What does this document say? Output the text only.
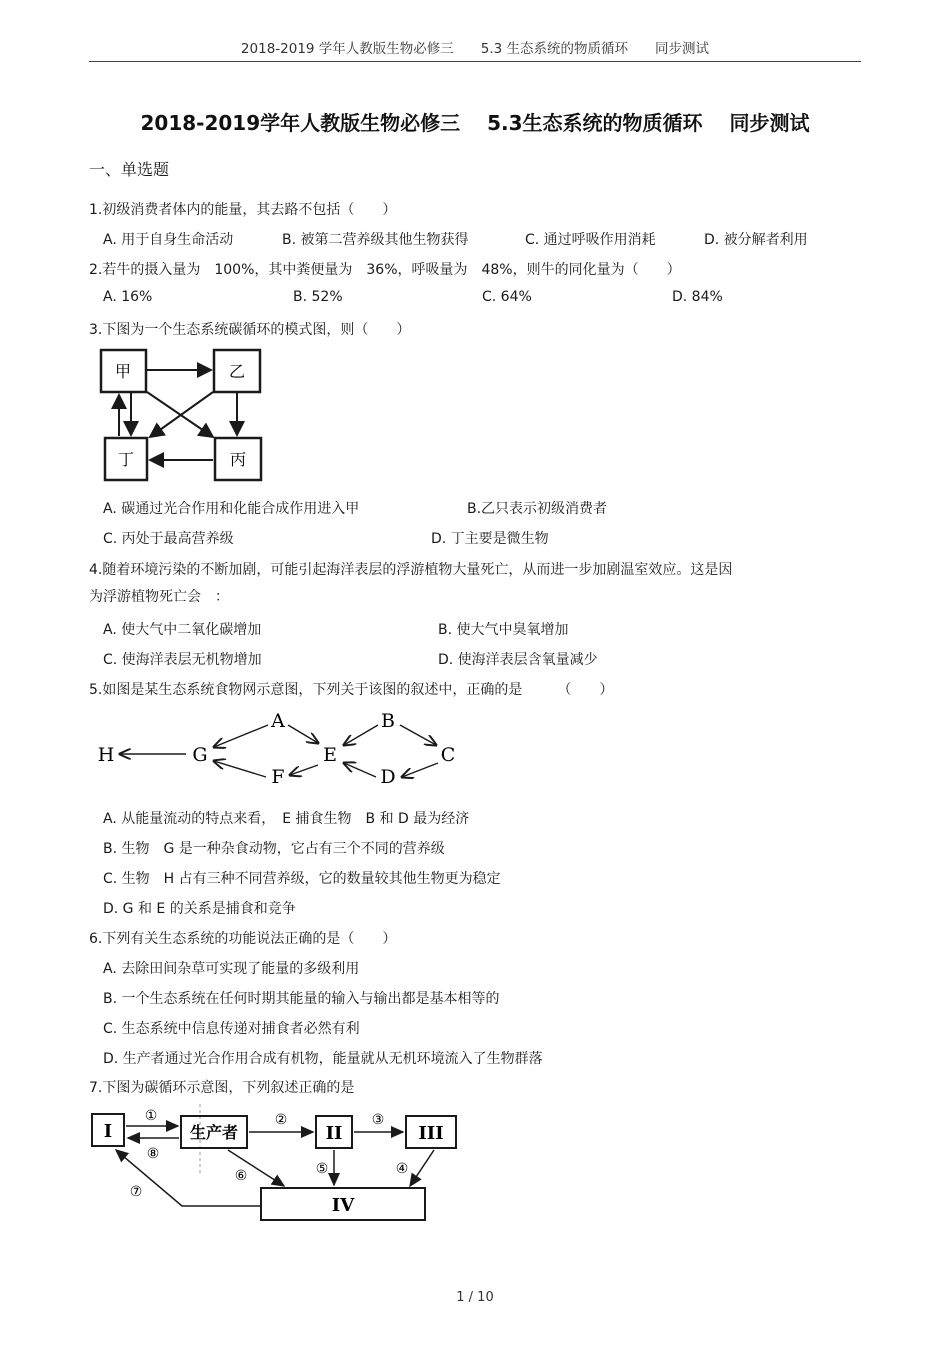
2018-2019 学年人教版生物必修三　　5.3 生态系统的物质循环　　同步测试
2018-2019学年人教版生物必修三　 5.3生态系统的物质循环　 同步测试
一、单选题
1.初级消费者体内的能量，其去路不包括（　　）
A. 用于自身生命活动	B. 被第二营养级其他生物获得	C. 通过呼吸作用消耗	D. 被分解者利用
2.若牛的摄入量为　100%，其中粪便量为　36%，呼吸量为　48%，则牛的同化量为（　　）
A. 16%	B. 52%	C. 64%	D. 84%
3.下图为一个生态系统碳循环的模式图，则（　　）
甲	乙
丁	丙
A. 碳通过光合作用和化能合成作用进入甲	B.乙只表示初级消费者
C. 丙处于最高营养级	D. 丁主要是微生物
4.随着环境污染的不断加剧，可能引起海洋表层的浮游植物大量死亡，从而进一步加剧温室效应。这是因
为浮游植物死亡会　：
A. 使大气中二氧化碳增加	B. 使大气中臭氧增加
C. 使海洋表层无机物增加	D. 使海洋表层含氧量减少
5.如图是某生态系统食物网示意图，下列关于该图的叙述中，正确的是　　　（　　）
H	G
A
E
F
B
C
D
A. 从能量流动的特点来看，　E 捕食生物　B 和 D 最为经济
B. 生物　G 是一种杂食动物，它占有三个不同的营养级
C. 生物　H 占有三种不同营养级，它的数量较其他生物更为稳定
D. G 和 E 的关系是捕食和竞争
6.下列有关生态系统的功能说法正确的是（　　）
A. 去除田间杂草可实现了能量的多级利用
B. 一个生态系统在任何时期其能量的输入与输出都是基本相等的
C. 生态系统中信息传递对捕食者必然有利
D. 生产者通过光合作用合成有机物，能量就从无机环境流入了生物群落
7.下图为碳循环示意图，下列叙述正确的是
I	生产者	II	III
IV
①
⑧
②	③
⑤	④
⑥
⑦
1 / 10
